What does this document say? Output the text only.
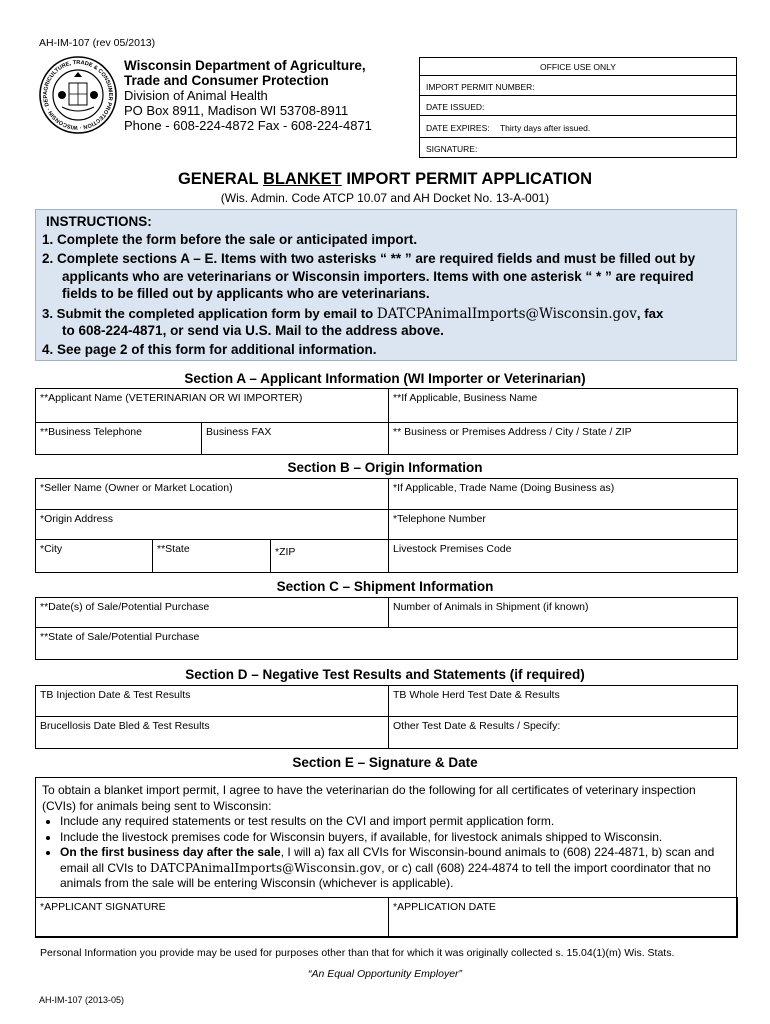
AH-IM-107 (rev 05/2013)
AGRICULTURE, TRADE & CONSUMER PROTECTION · WISCONSIN · DEP
Wisconsin Department of Agriculture,
Trade and Consumer Protection
Division of Animal Health
PO Box 8911, Madison WI 53708-8911
Phone - 608-224-4872 Fax - 608-224-4871
OFFICE USE ONLY
IMPORT PERMIT NUMBER:
DATE ISSUED:
DATE EXPIRES: Thirty days after issued.
SIGNATURE:
GENERAL BLANKET IMPORT PERMIT APPLICATION
(Wis. Admin. Code ATCP 10.07 and AH Docket No. 13-A-001)
INSTRUCTIONS:
1. Complete the form before the sale or anticipated import.
2. Complete sections A – E. Items with two asterisks “ ** ” are required fields and must be filled out by
applicants who are veterinarians or Wisconsin importers. Items with one asterisk “ * ” are required
fields to be filled out by applicants who are veterinarians.
3. Submit the completed application form by email to DATCPAnimalImports@Wisconsin.gov, fax
to 608-224-4871, or send via U.S. Mail to the address above.
4. See page 2 of this form for additional information.
Section A – Applicant Information (WI Importer or Veterinarian)
**Applicant Name (VETERINARIAN OR WI IMPORTER)		**If Applicable, Business Name
**Business Telephone	Business FAX	** Business or Premises Address / City / State / ZIP
Section B – Origin Information
*Seller Name (Owner or Market Location)			*If Applicable, Trade Name (Doing Business as)
*Origin Address			*Telephone Number
*City	**State	*ZIP	Livestock Premises Code
Section C – Shipment Information
**Date(s) of Sale/Potential Purchase	Number of Animals in Shipment (if known)
**State of Sale/Potential Purchase
Section D – Negative Test Results and Statements (if required)
TB Injection Date & Test Results	TB Whole Herd Test Date & Results
Brucellosis Date Bled & Test Results	Other Test Date & Results / Specify:
Section E – Signature & Date
To obtain a blanket import permit, I agree to have the veterinarian do the following for all certificates of veterinary inspection (CVIs) for animals being sent to Wisconsin:
• Include any required statements or test results on the CVI and import permit application form.
• Include the livestock premises code for Wisconsin buyers, if available, for livestock animals shipped to Wisconsin.
• On the first business day after the sale, I will a) fax all CVIs for Wisconsin-bound animals to (608) 224-4871, b) scan and email all CVIs to DATCPAnimalImports@Wisconsin.gov, or c) call (608) 224-4874 to tell the import coordinator that no animals from the sale will be entering Wisconsin (whichever is applicable).
*APPLICANT SIGNATURE	*APPLICATION DATE
Personal Information you provide may be used for purposes other than that for which it was originally collected s. 15.04(1)(m) Wis. Stats.
“An Equal Opportunity Employer”
AH-IM-107 (2013-05)
